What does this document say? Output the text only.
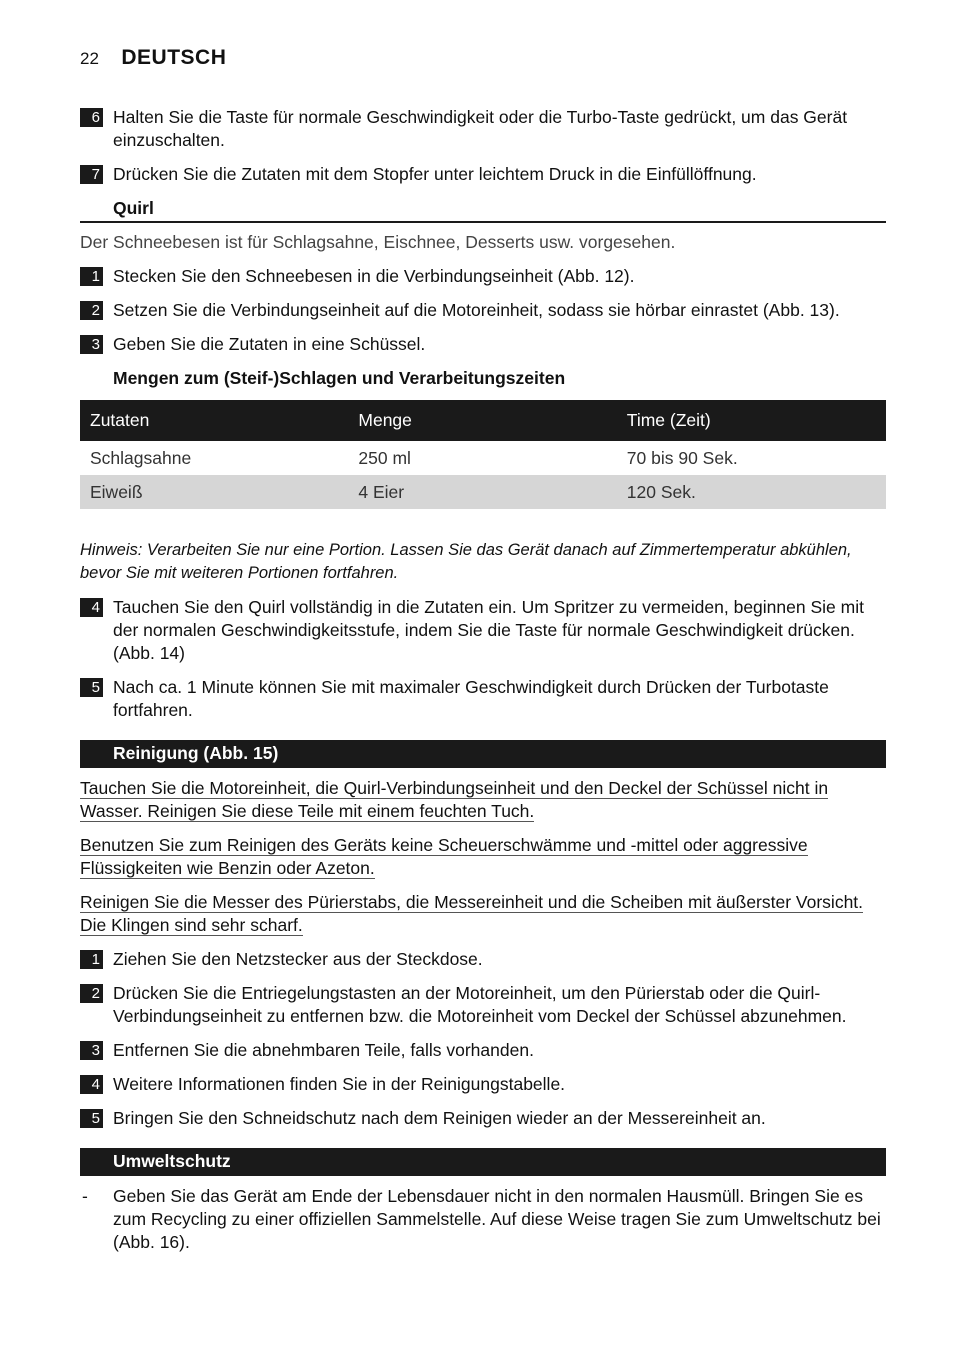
22 DEUTSCH
6 Halten Sie die Taste für normale Geschwindigkeit oder die Turbo-Taste gedrückt, um das Gerät einzuschalten.
7 Drücken Sie die Zutaten mit dem Stopfer unter leichtem Druck in die Einfüllöffnung.
Quirl
Der Schneebesen ist für Schlagsahne, Eischnee, Desserts usw. vorgesehen.
1 Stecken Sie den Schneebesen in die Verbindungseinheit (Abb. 12).
2 Setzen Sie die Verbindungseinheit auf die Motoreinheit, sodass sie hörbar einrastet (Abb. 13).
3 Geben Sie die Zutaten in eine Schüssel.
Mengen zum (Steif-)Schlagen und Verarbeitungszeiten
Zutaten	Menge	Time (Zeit)
Schlagsahne	250 ml	70 bis 90 Sek.
Eiweiß	4 Eier	120 Sek.
Hinweis: Verarbeiten Sie nur eine Portion. Lassen Sie das Gerät danach auf Zimmertemperatur abkühlen, bevor Sie mit weiteren Portionen fortfahren.
4 Tauchen Sie den Quirl vollständig in die Zutaten ein. Um Spritzer zu vermeiden, beginnen Sie mit der normalen Geschwindigkeitsstufe, indem Sie die Taste für normale Geschwindigkeit drücken. (Abb. 14)
5 Nach ca. 1 Minute können Sie mit maximaler Geschwindigkeit durch Drücken der Turbotaste fortfahren.
Reinigung (Abb. 15)
Tauchen Sie die Motoreinheit, die Quirl-Verbindungseinheit und den Deckel der Schüssel nicht in Wasser. Reinigen Sie diese Teile mit einem feuchten Tuch.
Benutzen Sie zum Reinigen des Geräts keine Scheuerschwämme und -mittel oder aggressive Flüssigkeiten wie Benzin oder Azeton.
Reinigen Sie die Messer des Pürierstabs, die Messereinheit und die Scheiben mit äußerster Vorsicht. Die Klingen sind sehr scharf.
1 Ziehen Sie den Netzstecker aus der Steckdose.
2 Drücken Sie die Entriegelungstasten an der Motoreinheit, um den Pürierstab oder die Quirl-Verbindungseinheit zu entfernen bzw. die Motoreinheit vom Deckel der Schüssel abzunehmen.
3 Entfernen Sie die abnehmbaren Teile, falls vorhanden.
4 Weitere Informationen finden Sie in der Reinigungstabelle.
5 Bringen Sie den Schneidschutz nach dem Reinigen wieder an der Messereinheit an.
Umweltschutz
- Geben Sie das Gerät am Ende der Lebensdauer nicht in den normalen Hausmüll. Bringen Sie es zum Recycling zu einer offiziellen Sammelstelle. Auf diese Weise tragen Sie zum Umweltschutz bei (Abb. 16).
